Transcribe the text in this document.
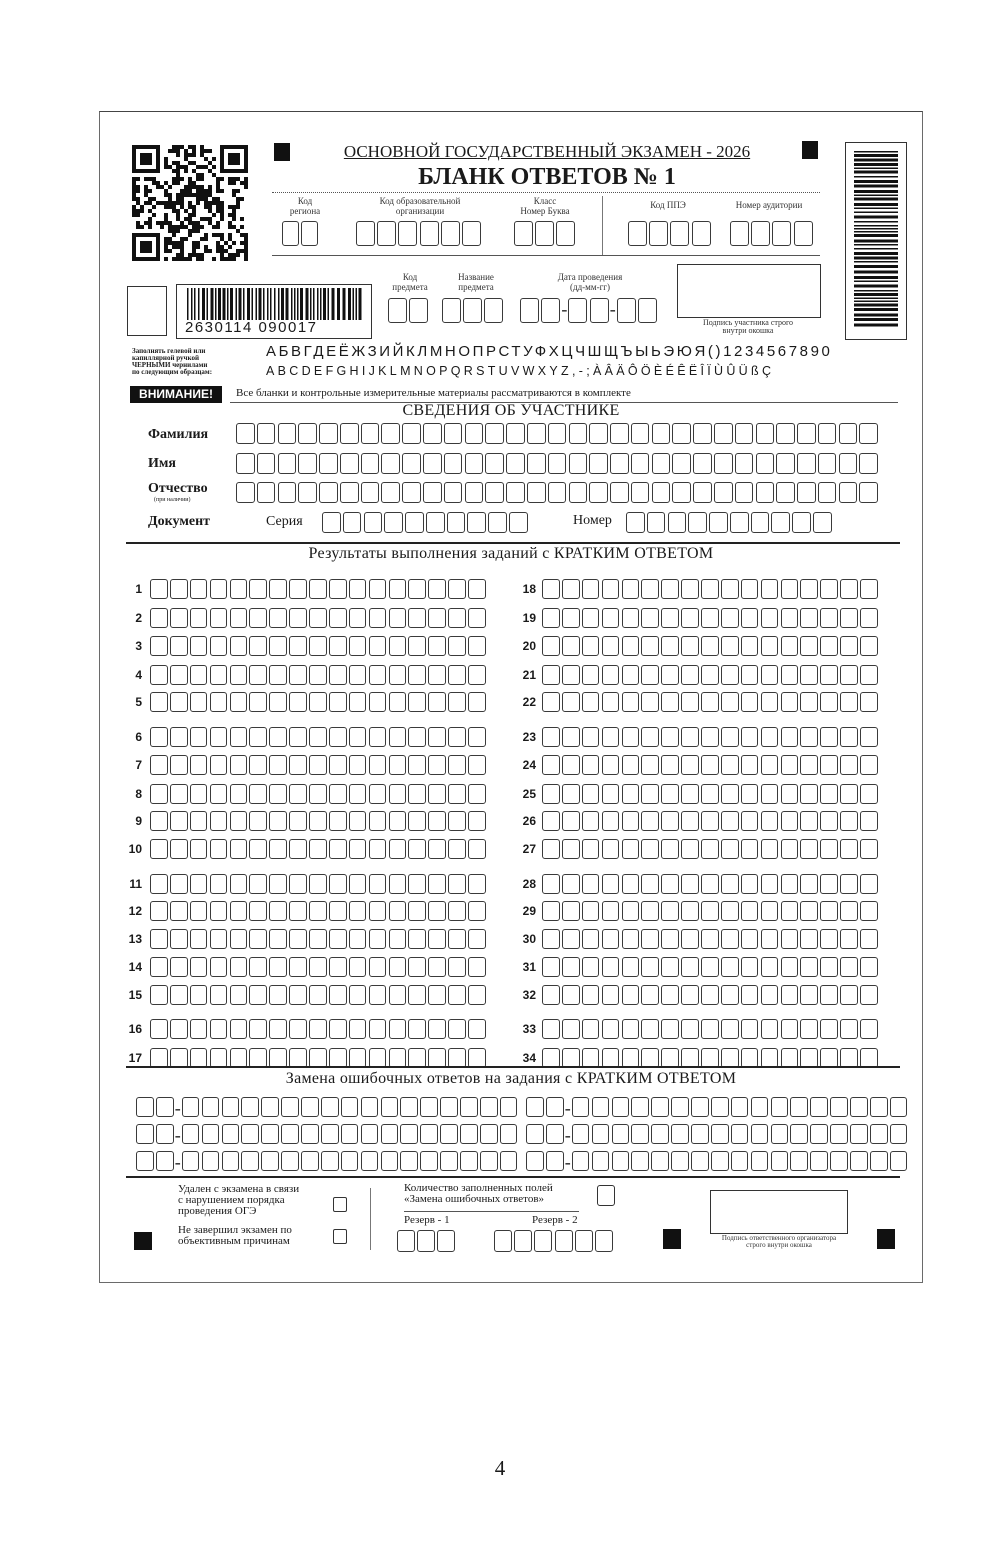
ОСНОВНОЙ ГОСУДАРСТВЕННЫЙ ЭКЗАМЕН - 2026
БЛАНК ОТВЕТОВ № 1
Код
региона
Код образовательной
организации
Класс
Номер Буква
Код ППЭ	Номер аудитории
2630114 090017
Код
предмета
Название
предмета
Дата проведения
(дд-мм-гг)
- -
Подпись участника строго
внутри окошка
Заполнять гелевой или
капиллярной ручкой
ЧЕРНЫМИ чернилами
по следующим образцам:
АБВГДЕЁЖЗИЙКЛМНОПРСТУФХЦЧШЩЪЫЬЭЮЯ()1234567890
ABCDEFGHIJKLMNOPQRSTUVWXYZ,-;ÀÂÄÔÖÈÉÊËÎÏÙÛÜßÇ
ВНИМАНИЕ!	Все бланки и контрольные измерительные материалы рассматриваются в комплекте
СВЕДЕНИЯ ОБ УЧАСТНИКЕ
Фамилия
Имя
Отчество
(при наличии)
Документ	Серия	Номер
Результаты выполнения заданий с КРАТКИМ ОТВЕТОМ
1
2
3
4
5
6
7
8
9
10
11
12
13
14
15
16
17
18
19
20
21
22
23
24
25
26
27
28
29
30
31
32
33
34
Замена ошибочных ответов на задания с КРАТКИМ ОТВЕТОМ
-	-
-	-
-	-
Удален с экзамена в связи
с нарушением порядка
проведения ОГЭ
Не завершил экзамен по
объективным причинам
Количество заполненных полей
«Замена ошибочных ответов»
Резерв - 1	Резерв - 2
Подпись ответственного организатора
строго внутри окошка
4
